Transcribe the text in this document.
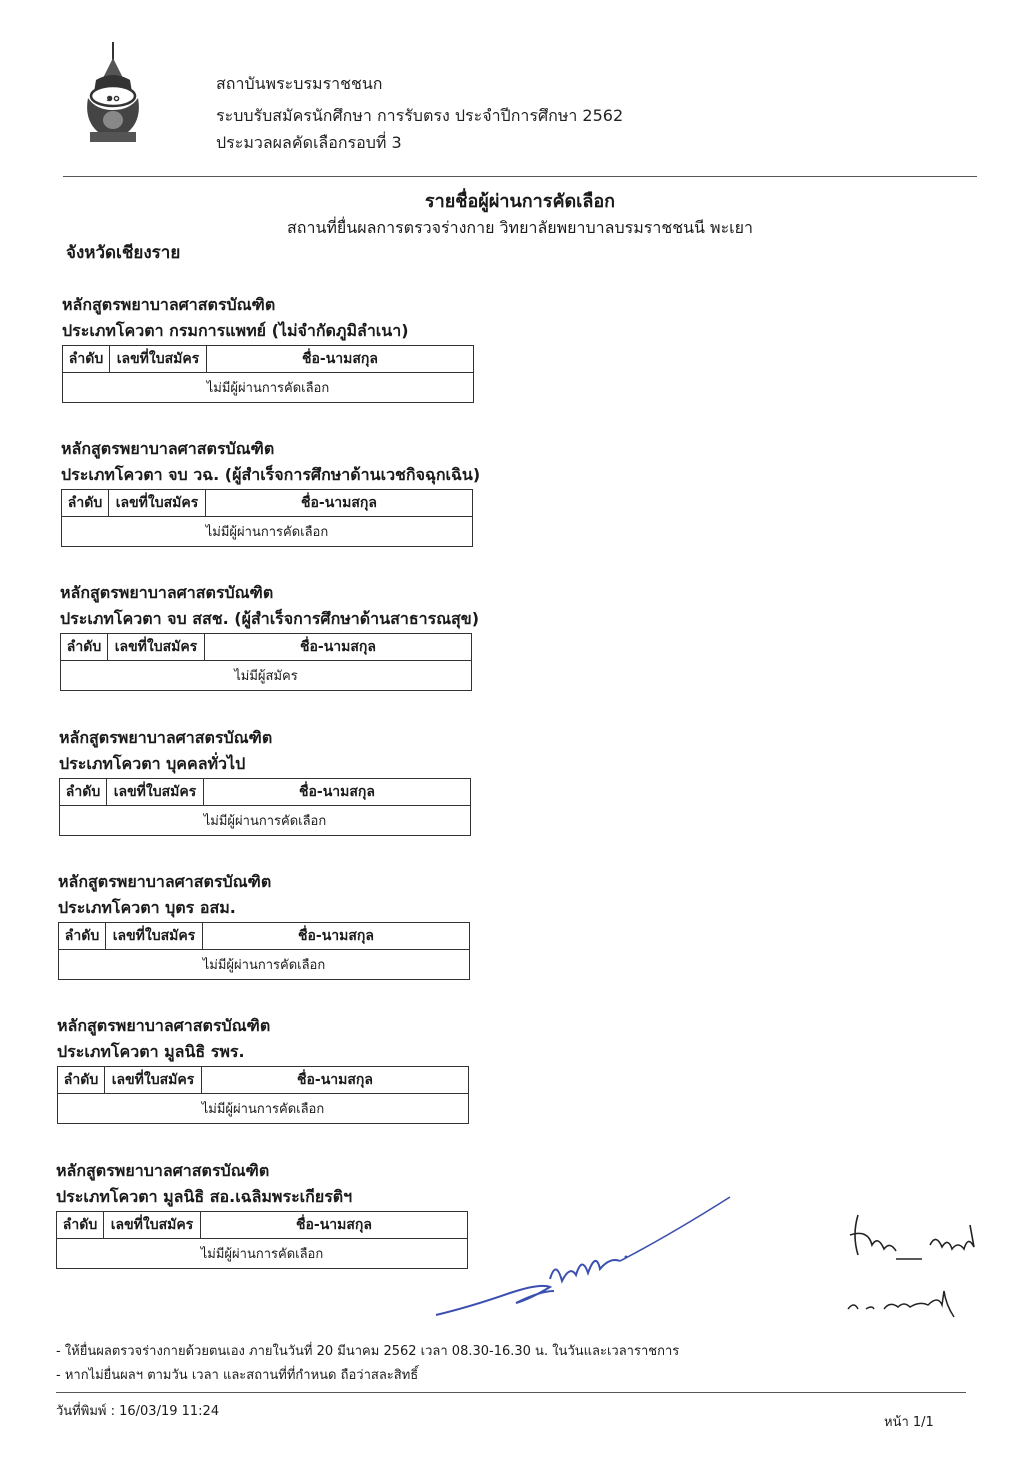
๑๐
สถาบันพระบรมราชชนก
ระบบรับสมัครนักศึกษา การรับตรง ประจำปีการศึกษา 2562
ประมวลผลคัดเลือกรอบที่ 3
รายชื่อผู้ผ่านการคัดเลือก
สถานที่ยื่นผลการตรวจร่างกาย วิทยาลัยพยาบาลบรมราชชนนี พะเยา
จังหวัดเชียงราย
หลักสูตรพยาบาลศาสตรบัณฑิต
ประเภทโควตา กรมการแพทย์ (ไม่จำกัดภูมิลำเนา)
ลำดับ	เลขที่ใบสมัคร	ชื่อ-นามสกุล
ไม่มีผู้ผ่านการคัดเลือก
หลักสูตรพยาบาลศาสตรบัณฑิต
ประเภทโควตา จบ วฉ. (ผู้สำเร็จการศึกษาด้านเวชกิจฉุกเฉิน)
ลำดับ	เลขที่ใบสมัคร	ชื่อ-นามสกุล
ไม่มีผู้ผ่านการคัดเลือก
หลักสูตรพยาบาลศาสตรบัณฑิต
ประเภทโควตา จบ สสช. (ผู้สำเร็จการศึกษาด้านสาธารณสุข)
ลำดับ	เลขที่ใบสมัคร	ชื่อ-นามสกุล
ไม่มีผู้สมัคร
หลักสูตรพยาบาลศาสตรบัณฑิต
ประเภทโควตา บุคคลทั่วไป
ลำดับ	เลขที่ใบสมัคร	ชื่อ-นามสกุล
ไม่มีผู้ผ่านการคัดเลือก
หลักสูตรพยาบาลศาสตรบัณฑิต
ประเภทโควตา บุตร อสม.
ลำดับ	เลขที่ใบสมัคร	ชื่อ-นามสกุล
ไม่มีผู้ผ่านการคัดเลือก
หลักสูตรพยาบาลศาสตรบัณฑิต
ประเภทโควตา มูลนิธิ รพร.
ลำดับ	เลขที่ใบสมัคร	ชื่อ-นามสกุล
ไม่มีผู้ผ่านการคัดเลือก
หลักสูตรพยาบาลศาสตรบัณฑิต
ประเภทโควตา มูลนิธิ สอ.เฉลิมพระเกียรติฯ
ลำดับ	เลขที่ใบสมัคร	ชื่อ-นามสกุล
ไม่มีผู้ผ่านการคัดเลือก
- ให้ยื่นผลตรวจร่างกายด้วยตนเอง ภายในวันที่ 20 มีนาคม 2562 เวลา 08.30-16.30 น. ในวันและเวลาราชการ
- หากไม่ยื่นผลฯ ตามวัน เวลา และสถานที่ที่กำหนด ถือว่าสละสิทธิ์
วันที่พิมพ์ : 16/03/19 11:24
หน้า 1/1
